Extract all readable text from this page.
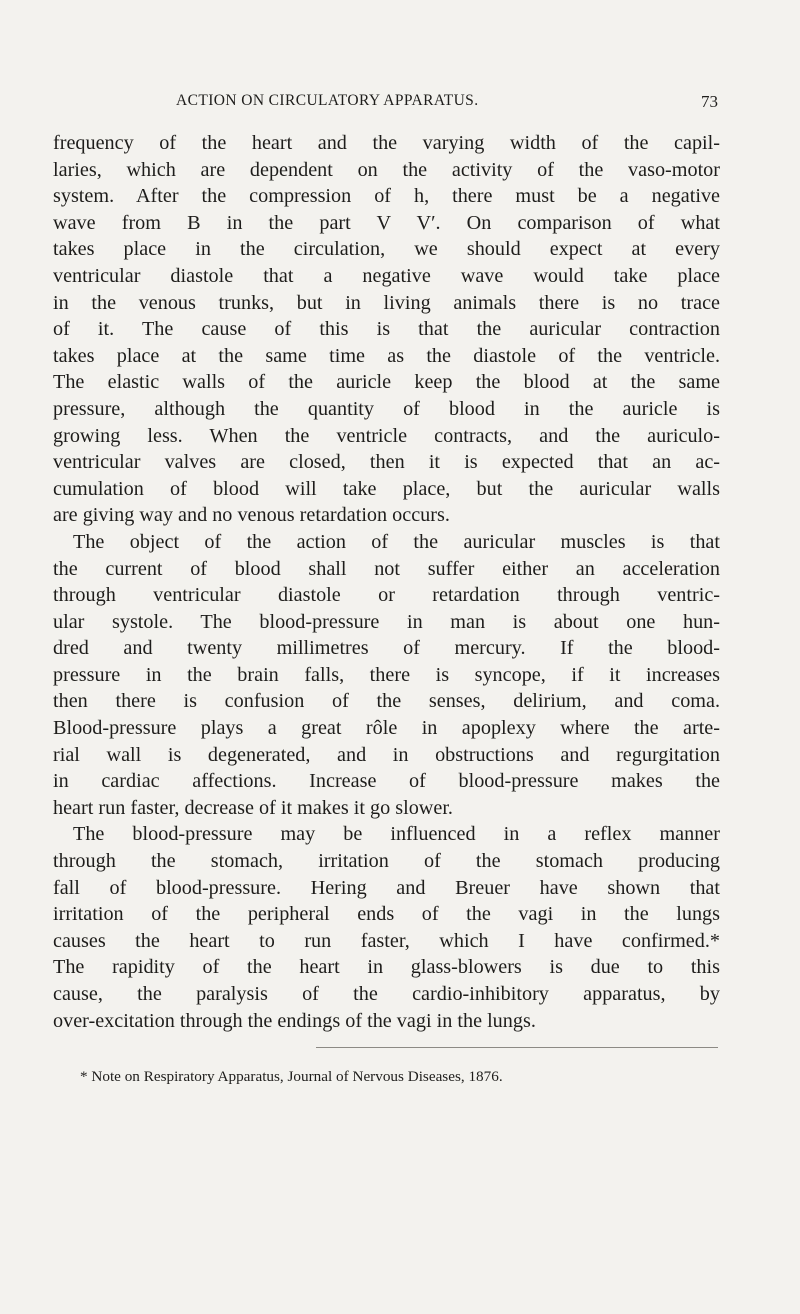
ACTION ON CIRCULATORY APPARATUS.	73
frequency of the heart and the varying width of the capil-
laries, which are dependent on the activity of the vaso-motor
system. After the compression of h, there must be a negative
wave from B in the part V V′. On comparison of what
takes place in the circulation, we should expect at every
ventricular diastole that a negative wave would take place
in the venous trunks, but in living animals there is no trace
of it. The cause of this is that the auricular contraction
takes place at the same time as the diastole of the ventricle.
The elastic walls of the auricle keep the blood at the same
pressure, although the quantity of blood in the auricle is
growing less. When the ventricle contracts, and the auriculo-
ventricular valves are closed, then it is expected that an ac-
cumulation of blood will take place, but the auricular walls
are giving way and no venous retardation occurs.
The object of the action of the auricular muscles is that
the current of blood shall not suffer either an acceleration
through ventricular diastole or retardation through ventric-
ular systole. The blood-pressure in man is about one hun-
dred and twenty millimetres of mercury. If the blood-
pressure in the brain falls, there is syncope, if it increases
then there is confusion of the senses, delirium, and coma.
Blood-pressure plays a great rôle in apoplexy where the arte-
rial wall is degenerated, and in obstructions and regurgitation
in cardiac affections. Increase of blood-pressure makes the
heart run faster, decrease of it makes it go slower.
The blood-pressure may be influenced in a reflex manner
through the stomach, irritation of the stomach producing
fall of blood-pressure. Hering and Breuer have shown that
irritation of the peripheral ends of the vagi in the lungs
causes the heart to run faster, which I have confirmed.*
The rapidity of the heart in glass-blowers is due to this
cause, the paralysis of the cardio-inhibitory apparatus, by
over-excitation through the endings of the vagi in the lungs.
* Note on Respiratory Apparatus, Journal of Nervous Diseases, 1876.
